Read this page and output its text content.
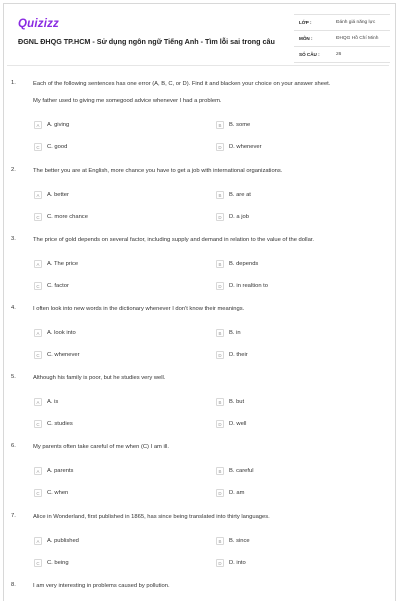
Quizizz
ĐGNL ĐHQG TP.HCM - Sử dụng ngôn ngữ Tiếng Anh - Tìm lỗi sai trong câu
LỚP :	Đánh giá năng lực
MÔN :	ĐHQG Hồ Chí Minh
SỐ CÂU :	26
1.	Each of the following sentences has one error (A, B, C, or D). Find it and blacken your choice on your answer sheet.
My father used to giving me somegood advice whenever I had a problem.
A	A. giving	B	B. some
C	C. good	D	D. whenever
2.	The better you are at English, more chance you have to get a job with international organizations.
A	A. better	B	B. are at
C	C. more chance	D	D. a job
3.	The price of gold depends on several factor, including supply and demand in relation to the value of the dollar.
A	A. The price	B	B. depends
C	C. factor	D	D. in realtion to
4.	I often look into new words in the dictionary whenever I don't know their meanings.
A	A. look into	B	B. in
C	C. whenever	D	D. their
5.	Although his family is poor, but he studies very well.
A	A. is	B	B. but
C	C. studies	D	D. well
6.	My parents often take careful of me when (C) I am ill.
A	A. parents	B	B. careful
C	C. when	D	D. am
7.	Alice in Wonderland, first published in 1865, has since being translated into thirty languages.
A	A. published	B	B. since
C	C. being	D	D. into
8.	I am very interesting in problems caused by pollution.
